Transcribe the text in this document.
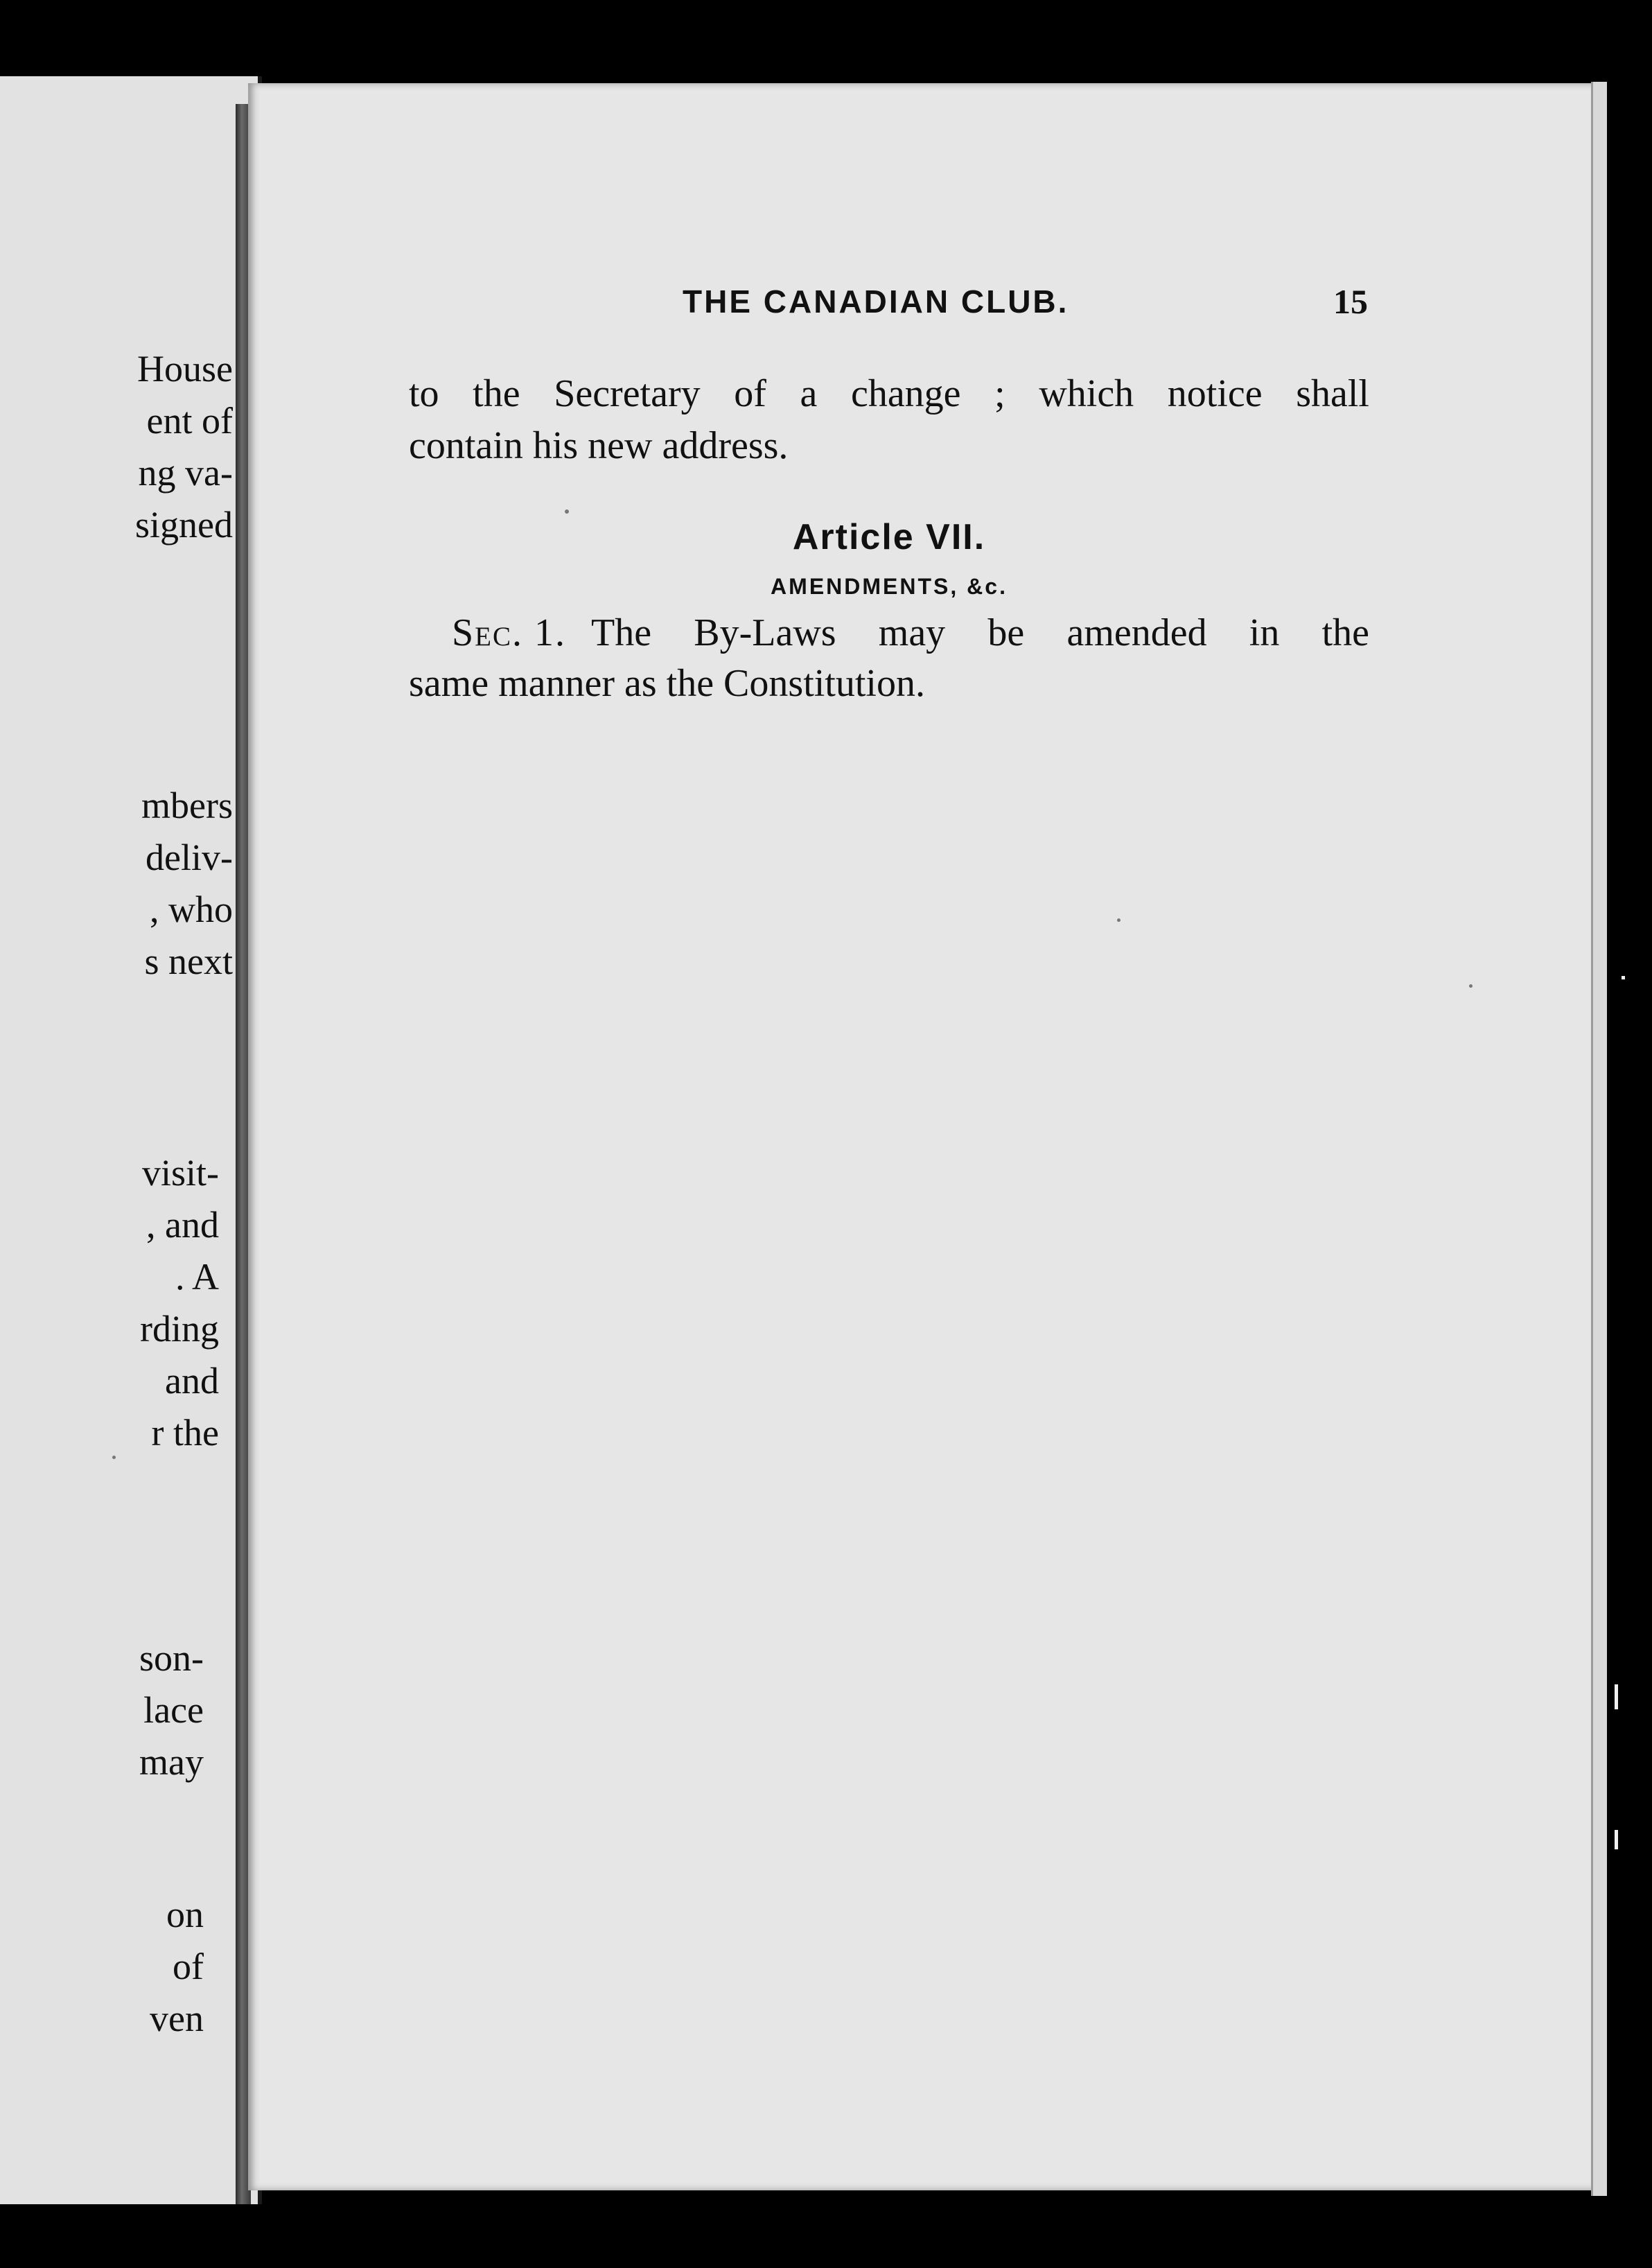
House
ent of
ng va-
signed
mbers
deliv-
, who
s next
visit-
, and
. A
rding
and
r the
son-
lace
may
on
of
ven
THE CANADIAN CLUB.	15
to the Secretary of a change ; which notice shall
contain his new address.
Article VII.
AMENDMENTS, &c.
Sec. 1. The By-Laws may be amended in the
same manner as the Constitution.
